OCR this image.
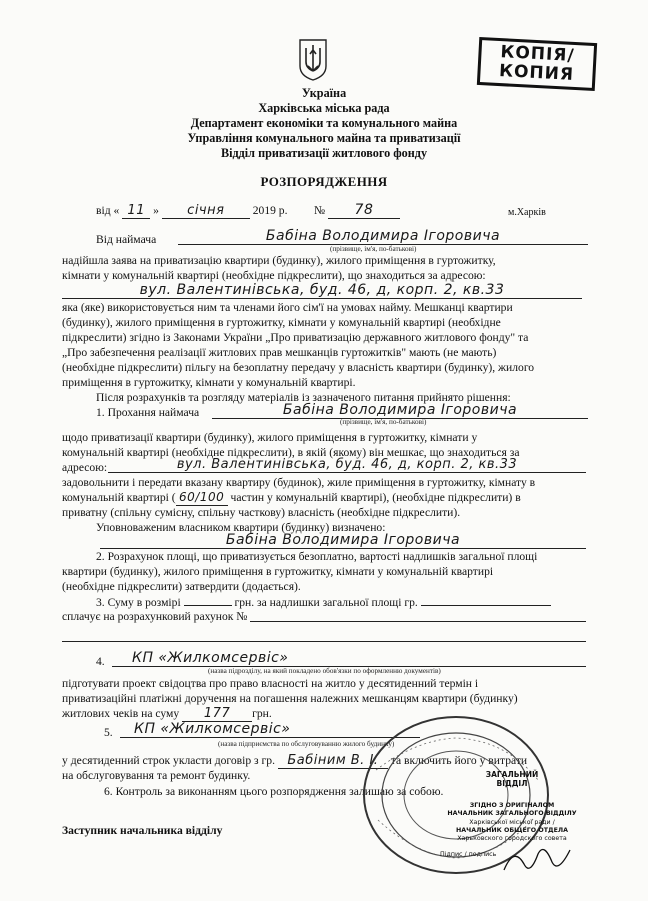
КОПІЯ/
КОПИЯ
Україна
Харківська міська рада
Департамент економіки та комунального майна
Управління комунального майна та приватизації
Відділ приватизації житлового фонду
РОЗПОРЯДЖЕННЯ
від « 11 » січня 2019 р. № 78	м.Харків
Від наймача	Бабіна Володимира Ігоровича
(прізвище, ім'я, по-батькові)
надійшла заява на приватизацію квартири (будинку), жилого приміщення в гуртожитку,
кімнати у комунальній квартирі (необхідне підкреслити), що знаходиться за адресою:
вул. Валентинівська, буд. 46, д, корп. 2, кв.33
яка (яке) використовується ним та членами його сім'ї на умовах найму. Мешканці квартири
(будинку), жилого приміщення в гуртожитку, кімнати у комунальній квартирі (необхідне
підкреслити) згідно із Законами України „Про приватизацію державного житлового фонду" та
„Про забезпечення реалізації житлових прав мешканців гуртожитків" мають (не мають)
(необхідне підкреслити) пільгу на безоплатну передачу у власність квартири (будинку), жилого
приміщення в гуртожитку, кімнати у комунальній квартирі.
Після розрахунків та розгляду матеріалів із зазначеного питання прийнято рішення:
1. Прохання наймача	Бабіна Володимира Ігоровича
(прізвище, ім'я, по-батькові)
щодо приватизації квартири (будинку), жилого приміщення в гуртожитку, кімнати у
комунальній квартирі (необхідне підкреслити), в якій (якому) він мешкає, що знаходиться за
адресою:	вул. Валентинівська, буд. 46, д, корп. 2, кв.33
задовольнити і передати вказану квартиру (будинок), жиле приміщення в гуртожитку, кімнату в
комунальній квартирі ( 60/100 частин у комунальній квартирі), (необхідне підкреслити) в
приватну (спільну сумісну, спільну часткову) власність (необхідне підкреслити).
Уповноваженим власником квартири (будинку) визначено:
Бабіна Володимира Ігоровича
2. Розрахунок площі, що приватизується безоплатно, вартості надлишків загальної площі
квартири (будинку), жилого приміщення в гуртожитку, кімнати у комунальній квартирі
(необхідне підкреслити) затвердити (додається).
3. Суму в розмірі	грн. за надлишки загальної площі гр.
сплачує на розрахунковий рахунок №
4.	КП «Жилкомсервіс»
(назва підрозділу, на який покладено обов'язки по оформленню документів)
підготувати проект свідоцтва про право власності на житло у десятиденний термін і
приватизаційні платіжні доручення на погашення належних мешканцям квартири (будинку)
житлових чеків на суму 177 грн.
5.	КП «Жилкомсервіс»
(назва підприємства по обслуговуванню жилого будинку)
у десятиденний строк укласти договір з гр. Бабіним В. І. та включить його у витрати
на обслуговування та ремонт будинку.
6. Контроль за виконанням цього розпорядження залишаю за собою.
Заступник начальника відділу
ЗАГАЛЬНИЙ ВІДДІЛ
ЗГІДНО З ОРИГІНАЛОМ
НАЧАЛЬНИК ЗАГАЛЬНОГО ВІДДІЛУ
Харківської міської ради /
НАЧАЛЬНИК ОБЩЕГО ОТДЕЛА
Харьковского городского совета
Підпис / подпись
